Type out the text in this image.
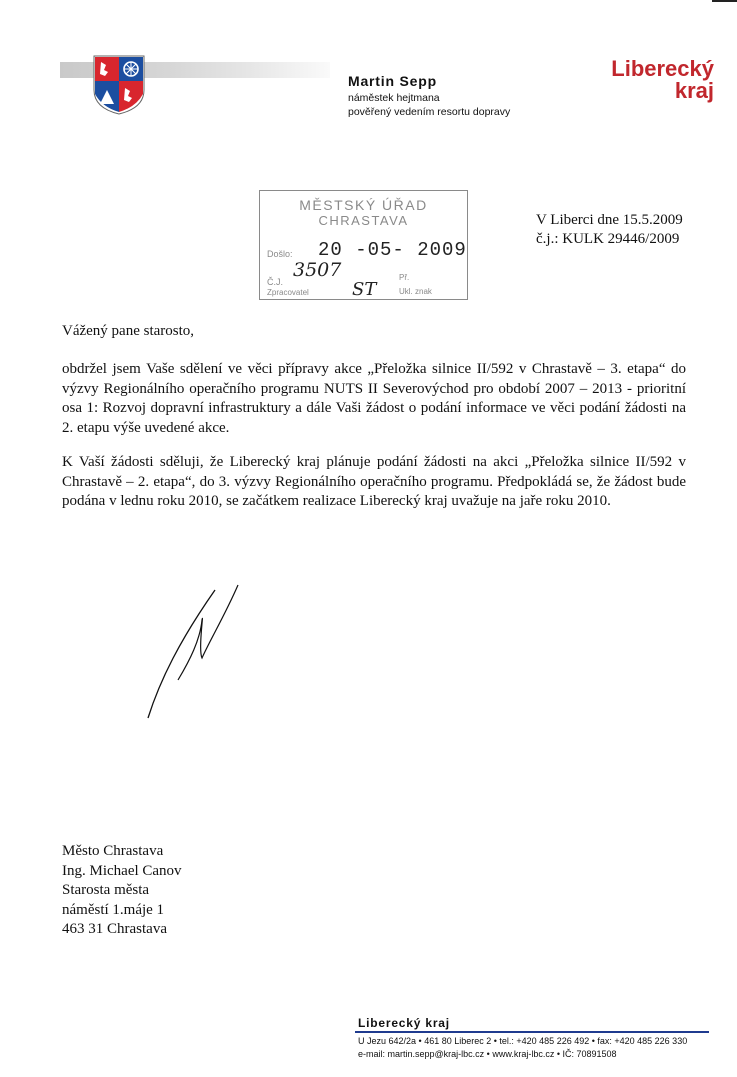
Martin Sepp
náměstek hejtmana
pověřený vedením resortu dopravy
Liberecký
kraj
MĚSTSKÝ ÚŘAD
CHRASTAVA
Došlo: 20 -05- 2009
3507
Č.J.
Zpracovatel ST
Př.
Ukl. znak
V Liberci dne 15.5.2009
č.j.: KULK 29446/2009
Vážený pane starosto,
obdržel jsem Vaše sdělení ve věci přípravy akce „Přeložka silnice II/592 v Chrastavě – 3. etapa“ do výzvy Regionálního operačního programu NUTS II Severovýchod pro období 2007 – 2013 - prioritní osa 1: Rozvoj dopravní infrastruktury a dále Vaši žádost o podání informace ve věci podání žádosti na 2. etapu výše uvedené akce.
K Vaší žádosti sděluji, že Liberecký kraj plánuje podání žádosti na akci „Přeložka silnice II/592 v Chrastavě – 2. etapa“, do 3. výzvy Regionálního operačního programu. Předpokládá se, že žádost bude podána v lednu roku 2010, se začátkem realizace Liberecký kraj uvažuje na jaře roku 2010.
Město Chrastava
Ing. Michael Canov
Starosta města
náměstí 1.máje 1
463 31 Chrastava
Liberecký kraj
U Jezu 642/2a • 461 80 Liberec 2 • tel.: +420 485 226 492 • fax: +420 485 226 330
e-mail: martin.sepp@kraj-lbc.cz • www.kraj-lbc.cz • IČ: 70891508
